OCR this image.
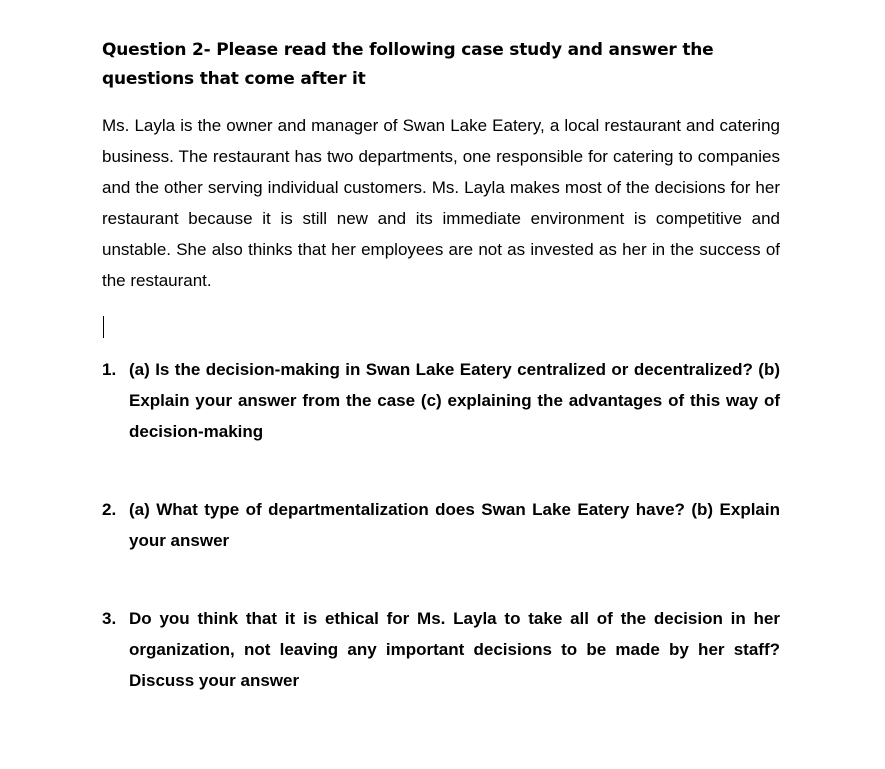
Question 2- Please read the following case study and answer the questions that come after it

Ms. Layla is the owner and manager of Swan Lake Eatery, a local restaurant and catering business. The restaurant has two departments, one responsible for catering to companies and the other serving individual customers. Ms. Layla makes most of the decisions for her restaurant because it is still new and its immediate environment is competitive and unstable. She also thinks that her employees are not as invested as her in the success of the restaurant.

1. (a) Is the decision-making in Swan Lake Eatery centralized or decentralized? (b) Explain your answer from the case (c) explaining the advantages of this way of decision-making
2. (a) What type of departmentalization does Swan Lake Eatery have? (b) Explain your answer
3. Do you think that it is ethical for Ms. Layla to take all of the decision in her organization, not leaving any important decisions to be made by her staff? Discuss your answer
